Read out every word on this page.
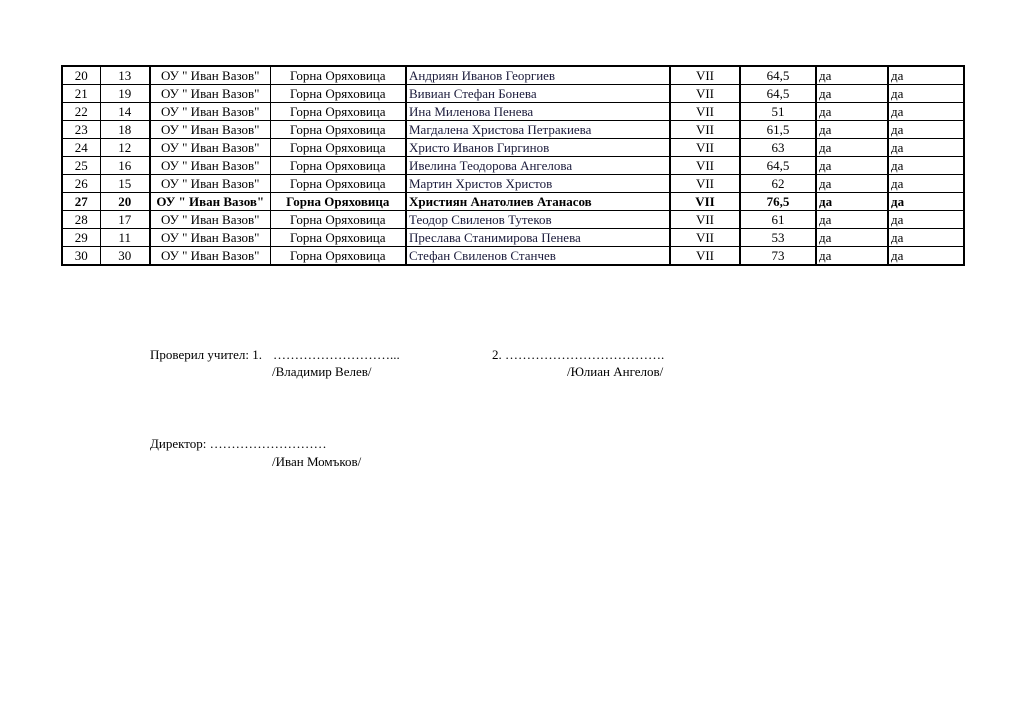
20	13	ОУ " Иван Вазов"	Горна Оряховица	Андриян Иванов Георгиев	VII	64,5	да	да
21	19	ОУ " Иван Вазов"	Горна Оряховица	Вивиан Стефан Бонева	VII	64,5	да	да
22	14	ОУ " Иван Вазов"	Горна Оряховица	Ина Миленова Пенева	VII	51	да	да
23	18	ОУ " Иван Вазов"	Горна Оряховица	Магдалена Христова Петракиева	VII	61,5	да	да
24	12	ОУ " Иван Вазов"	Горна Оряховица	Христо Иванов Гиргинов	VII	63	да	да
25	16	ОУ " Иван Вазов"	Горна Оряховица	Ивелина Теодорова Ангелова	VII	64,5	да	да
26	15	ОУ " Иван Вазов"	Горна Оряховица	Мартин Христов Христов	VII	62	да	да
27	20	ОУ " Иван Вазов"	Горна Оряховица	Християн Анатолиев Атанасов	VII	76,5	да	да
28	17	ОУ " Иван Вазов"	Горна Оряховица	Теодор Свиленов Тутеков	VII	61	да	да
29	11	ОУ " Иван Вазов"	Горна Оряховица	Преслава Станимирова Пенева	VII	53	да	да
30	30	ОУ " Иван Вазов"	Горна Оряховица	Стефан Свиленов Станчев	VII	73	да	да
Проверил учител: 1. ………………………...	2. ……………………………….
/Владимир Велев/	/Юлиан Ангелов/
Директор: ………………………
/Иван Момъков/
